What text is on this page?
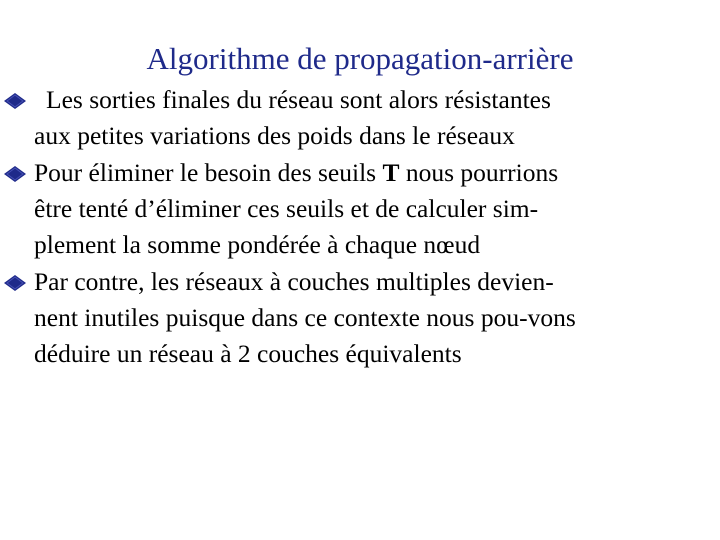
Algorithme de propagation-arrière
Les sorties finales du réseau sont alors résistantes
aux petites variations des poids dans le réseaux
Pour éliminer le besoin des seuils T nous pourrions
être tenté d’éliminer ces seuils et de calculer sim-
plement la somme pondérée à chaque nœud
Par contre, les réseaux à couches multiples devien-
nent inutiles puisque dans ce contexte nous pou-vons
déduire un réseau à 2 couches équivalents
